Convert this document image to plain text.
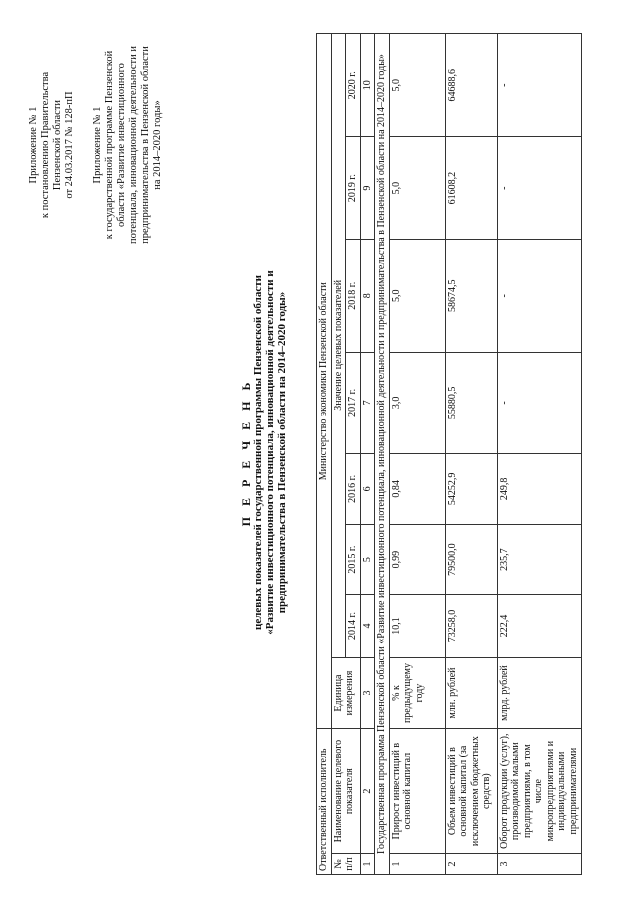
Приложение № 1 к постановлению Правительства Пензенской области от 24.03.2017 № 128-пП Приложение № 1 к государственной программе Пензенской области «Развитие инвестиционного потенциала, инновационной деятельности и предпринимательства в Пензенской области на 2014–2020 годы»
П Е Р Е Ч Е Н Ь целевых показателей государственной программы Пензенской области «Развитие инвестиционного потенциала, инновационной деятельности и предпринимательства в Пензенской области на 2014–2020 годы»
Ответственный исполнитель		Министерство экономики Пензенской области							
№ п/п	Наименование целевого показателя	Единица измерения	Значение целевых показателей						
			2014 г.	2015 г.	2016 г.	2017 г.	2018 г.	2019 г.	2020 г.
1	2	3	4	5	6	7	8	9	10
Государственная программа Пензенской области «Развитие инвестиционного потенциала, инновационной деятельности и предпринимательства в Пензенской области на 2014–2020 годы»									
1	Прирост инвестиций в основной капитал	% к предыдущему году	10,1	0,99	0,84	3,0	5,0	5,0	5,0
2	Объем инвестиций в основной капитал (за исключением бюджетных средств)	млн. рублей	73258,0	79500,0	54252,9	55880,5	58674,5	61608,2	64688,6
3	Оборот продукции (услуг), производимой малыми предприятиями, в том числе микропредприятиями и индивидуальными предпринимателями	млрд. рублей	222,4	235,7	249,8	-	-	-	-
